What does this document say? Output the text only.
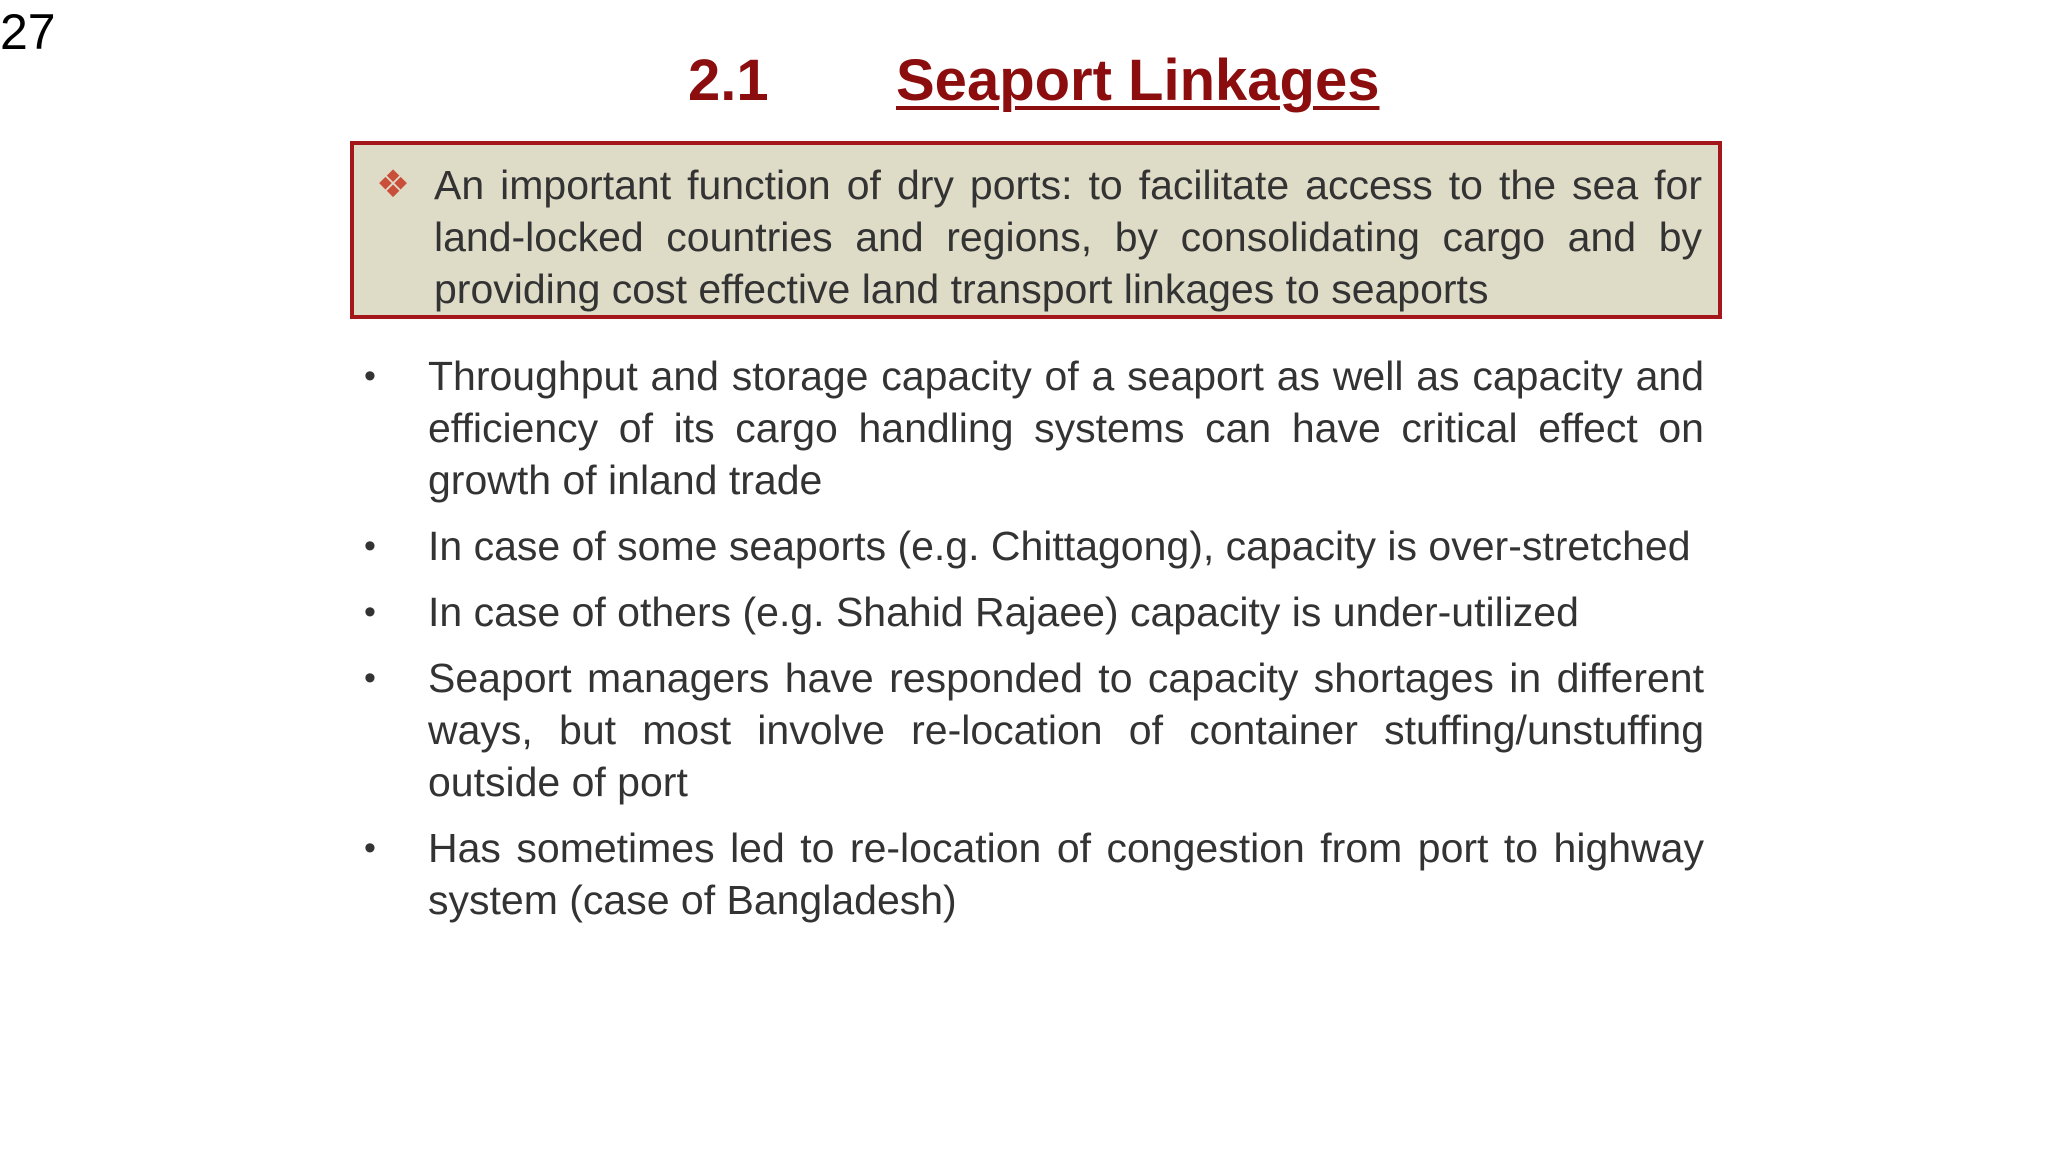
27
2.1 Seaport Linkages
❖ An important function of dry ports: to facilitate access to the sea for land-locked countries and regions, by consolidating cargo and by providing cost effective land transport linkages to seaports
• Throughput and storage capacity of a seaport as well as capacity and efficiency of its cargo handling systems can have critical effect on growth of inland trade
• In case of some seaports (e.g. Chittagong), capacity is over-stretched
• In case of others (e.g. Shahid Rajaee) capacity is under-utilized
• Seaport managers have responded to capacity shortages in different ways, but most involve re-location of container stuffing/unstuffing outside of port
• Has sometimes led to re-location of congestion from port to highway system (case of Bangladesh)
